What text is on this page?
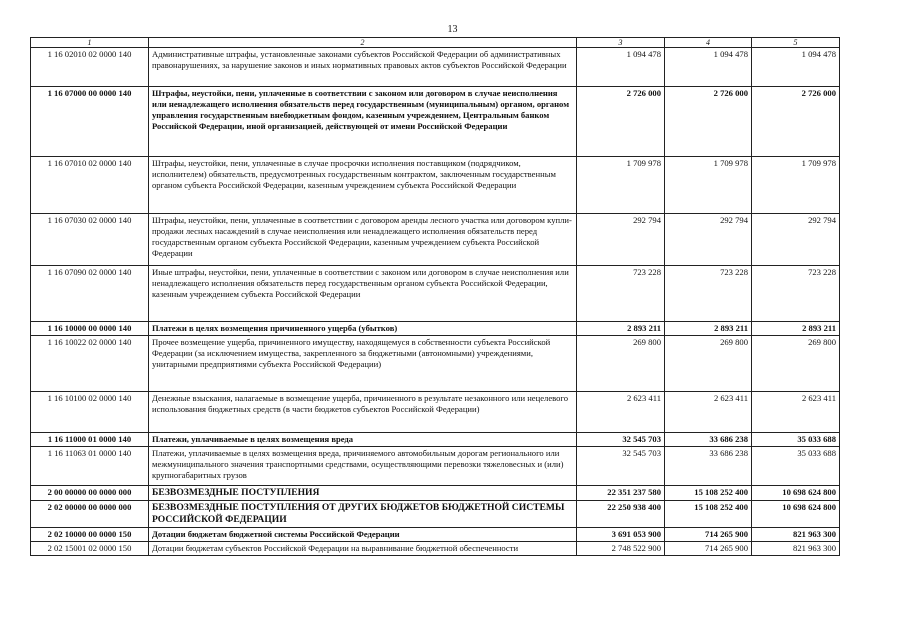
13
1	2	3	4	5
1 16 02010 02 0000 140	Административные штрафы, установленные законами субъектов Российской Федерации об административных правонарушениях, за нарушение законов и иных нормативных правовых актов субъектов Российской Федерации	1 094 478	1 094 478	1 094 478
1 16 07000 00 0000 140	Штрафы, неустойки, пени, уплаченные в соответствии с законом или договором в случае неисполнения или ненадлежащего исполнения обязательств перед государственным (муниципальным) органом, органом управления государственным внебюджетным фондом, казенным учреждением, Центральным банком Российской Федерации, иной организацией, действующей от имени Российской Федерации	2 726 000	2 726 000	2 726 000
1 16 07010 02 0000 140	Штрафы, неустойки, пени, уплаченные в случае просрочки исполнения поставщиком (подрядчиком, исполнителем) обязательств, предусмотренных государственным контрактом, заключенным государственным органом субъекта Российской Федерации, казенным учреждением субъекта Российской Федерации	1 709 978	1 709 978	1 709 978
1 16 07030 02 0000 140	Штрафы, неустойки, пени, уплаченные в соответствии с договором аренды лесного участка или договором купли-продажи лесных насаждений в случае неисполнения или ненадлежащего исполнения обязательств перед государственным органом субъекта Российской Федерации, казенным учреждением субъекта Российской Федерации	292 794	292 794	292 794
1 16 07090 02 0000 140	Иные штрафы, неустойки, пени, уплаченные в соответствии с законом или договором в случае неисполнения или ненадлежащего исполнения обязательств перед государственным органом субъекта Российской Федерации, казенным учреждением субъекта Российской Федерации	723 228	723 228	723 228
1 16 10000 00 0000 140	Платежи в целях возмещения причиненного ущерба (убытков)	2 893 211	2 893 211	2 893 211
1 16 10022 02 0000 140	Прочее возмещение ущерба, причиненного имуществу, находящемуся в собственности субъекта Российской Федерации (за исключением имущества, закрепленного за бюджетными (автономными) учреждениями, унитарными предприятиями субъекта Российской Федерации)	269 800	269 800	269 800
1 16 10100 02 0000 140	Денежные взыскания, налагаемые в возмещение ущерба, причиненного в результате незаконного или нецелевого использования бюджетных средств (в части бюджетов субъектов Российской Федерации)	2 623 411	2 623 411	2 623 411
1 16 11000 01 0000 140	Платежи, уплачиваемые в целях возмещения вреда	32 545 703	33 686 238	35 033 688
1 16 11063 01 0000 140	Платежи, уплачиваемые в целях возмещения вреда, причиняемого автомобильным дорогам регионального или межмуниципального значения транспортными средствами, осуществляющими перевозки тяжеловесных и (или) крупногабаритных грузов	32 545 703	33 686 238	35 033 688
2 00 00000 00 0000 000	БЕЗВОЗМЕЗДНЫЕ ПОСТУПЛЕНИЯ	22 351 237 580	15 108 252 400	10 698 624 800
2 02 00000 00 0000 000	БЕЗВОЗМЕЗДНЫЕ ПОСТУПЛЕНИЯ ОТ ДРУГИХ БЮДЖЕТОВ БЮДЖЕТНОЙ СИСТЕМЫ РОССИЙСКОЙ ФЕДЕРАЦИИ	22 250 938 400	15 108 252 400	10 698 624 800
2 02 10000 00 0000 150	Дотации бюджетам бюджетной системы Российской Федерации	3 691 053 900	714 265 900	821 963 300
2 02 15001 02 0000 150	Дотации бюджетам субъектов Российской Федерации на выравнивание бюджетной обеспеченности	2 748 522 900	714 265 900	821 963 300
